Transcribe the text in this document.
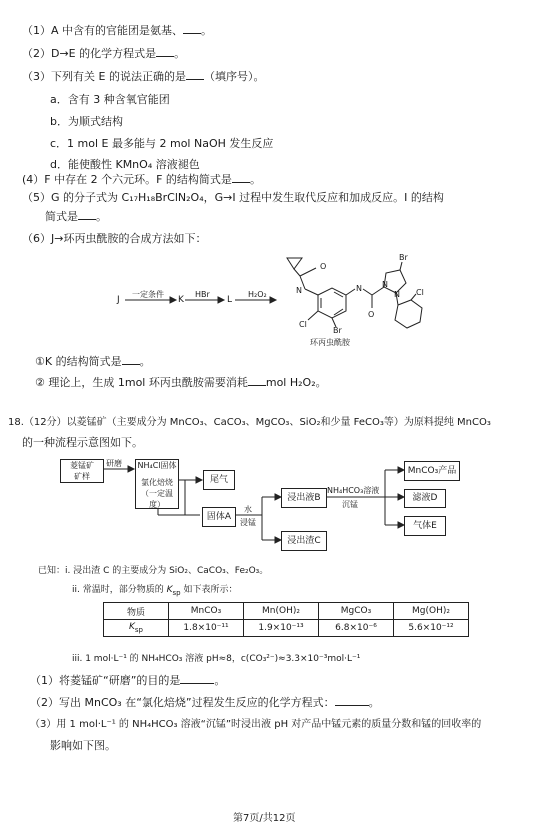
（1）A 中含有的官能团是氨基、 。
（2）D→E 的化学方程式是 。
（3）下列有关 E 的说法正确的是 （填序号）。
a．含有 3 种含氧官能团
b．为顺式结构
c．1 mol E 最多能与 2 mol NaOH 发生反应
d．能使酸性 KMnO₄ 溶液褪色
(4）F 中存在 2 个六元环。F 的结构简式是 。
（5）G 的分子式为 C₁₇H₁₈BrClN₂O₄，G→I 过程中发生取代反应和加成反应。I 的结构
简式是 。
（6）J→环丙虫酰胺的合成方法如下：
J
一定条件
K
HBr
L
H₂O₂
Br
N
O
N
O
N
N
Cl
Cl
Br
环丙虫酰胺
①K 的结构简式是 。
② 理论上，生成 1mol 环丙虫酰胺需要消耗 mol H₂O₂。
18.（12分）以菱锰矿（主要成分为 MnCO₃、CaCO₃、MgCO₃、SiO₂和少量 FeCO₃等）为原料提纯 MnCO₃
的一种流程示意图如下。
菱锰矿
矿样
研磨 NH₄Cl固体
氯化焙烧
（一定温度）
尾气
固体A
水
浸锰
浸出液B
浸出渣C
NH₄HCO₃溶液
沉锰
MnCO₃产品
滤液D
气体E
已知：i. 浸出渣 C 的主要成分为 SiO₂、CaCO₃、Fe₂O₃。
ii. 常温时，部分物质的 $K_{sp}$ 如下表所示：
物质	MnCO₃	Mn(OH)₂	MgCO₃	Mg(OH)₂
$K_{sp}$	1.8×10⁻¹¹	1.9×10⁻¹³	6.8×10⁻⁶	5.6×10⁻¹²
iii. 1 mol·L⁻¹ 的 NH₄HCO₃ 溶液 pH≈8，c(CO₃²⁻)≈3.3×10⁻³mol·L⁻¹
（1）将菱锰矿“研磨”的目的是	。
（2）写出 MnCO₃ 在“氯化焙烧”过程发生反应的化学方程式：	。
（3）用 1 mol·L⁻¹ 的 NH₄HCO₃ 溶液“沉锰”时浸出液 pH 对产品中锰元素的质量分数和锰的回收率的
影响如下图。
第7页/共12页
